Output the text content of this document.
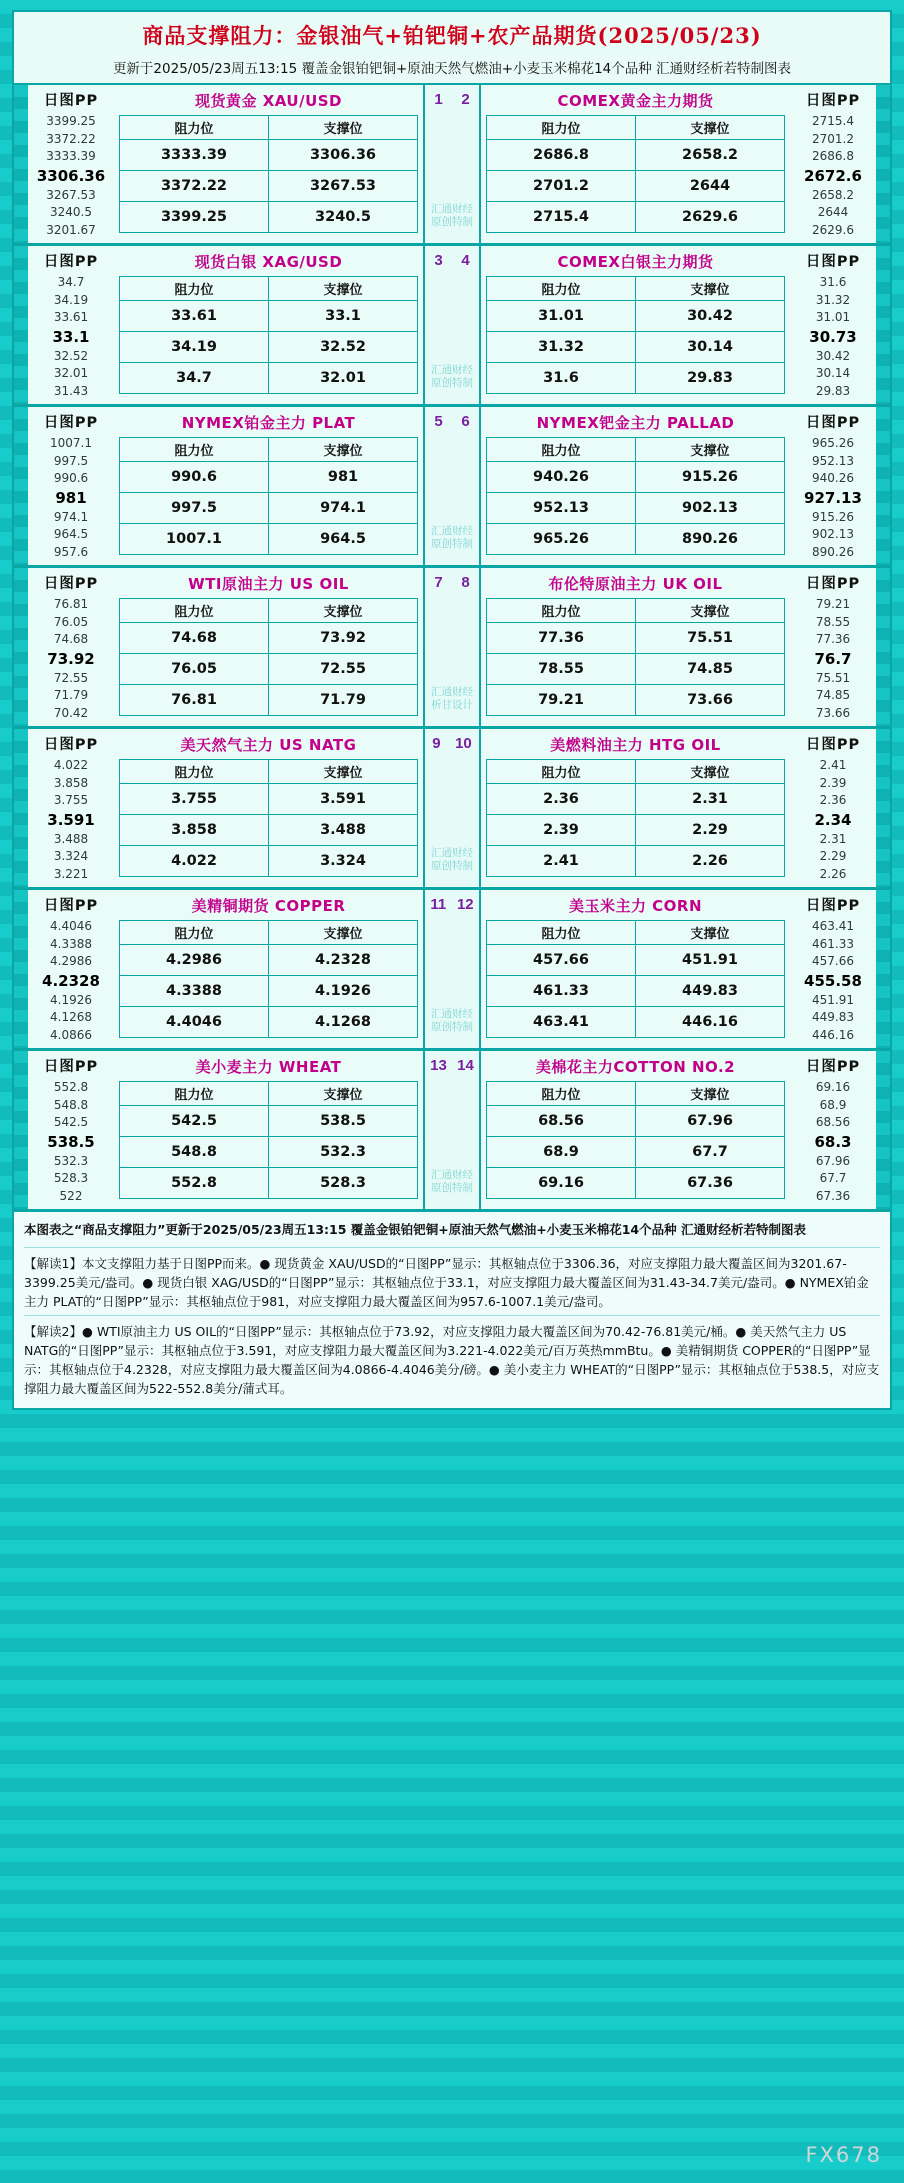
商品支撑阻力：金银油气+铂钯铜+农产品期货(2025/05/23)
更新于2025/05/23周五13:15 覆盖金银铂钯铜+原油天然气燃油+小麦玉米棉花14个品种 汇通财经析若特制图表
日图PP
3399.25
3372.22
3333.39
3306.36
3267.53
3240.5
3201.67
现货黄金 XAU/USD
阻力位	支撑位
3333.39	3306.36
3372.22	3267.53
3399.25	3240.5
1 2
汇通财经
原创特制
COMEX黄金主力期货
阻力位	支撑位
2686.8	2658.2
2701.2	2644
2715.4	2629.6
日图PP
2715.4
2701.2
2686.8
2672.6
2658.2
2644
2629.6
日图PP
34.7
34.19
33.61
33.1
32.52
32.01
31.43
现货白银 XAG/USD
阻力位	支撑位
33.61	33.1
34.19	32.52
34.7	32.01
3 4
汇通财经
原创特制
COMEX白银主力期货
阻力位	支撑位
31.01	30.42
31.32	30.14
31.6	29.83
日图PP
31.6
31.32
31.01
30.73
30.42
30.14
29.83
日图PP
1007.1
997.5
990.6
981
974.1
964.5
957.6
NYMEX铂金主力 PLAT
阻力位	支撑位
990.6	981
997.5	974.1
1007.1	964.5
5 6
汇通财经
原创特制
NYMEX钯金主力 PALLAD
阻力位	支撑位
940.26	915.26
952.13	902.13
965.26	890.26
日图PP
965.26
952.13
940.26
927.13
915.26
902.13
890.26
日图PP
76.81
76.05
74.68
73.92
72.55
71.79
70.42
WTI原油主力 US OIL
阻力位	支撑位
74.68	73.92
76.05	72.55
76.81	71.79
7 8
汇通财经
析甘设计
布伦特原油主力 UK OIL
阻力位	支撑位
77.36	75.51
78.55	74.85
79.21	73.66
日图PP
79.21
78.55
77.36
76.7
75.51
74.85
73.66
日图PP
4.022
3.858
3.755
3.591
3.488
3.324
3.221
美天然气主力 US NATG
阻力位	支撑位
3.755	3.591
3.858	3.488
4.022	3.324
9 10
汇通财经
原创特制
美燃料油主力 HTG OIL
阻力位	支撑位
2.36	2.31
2.39	2.29
2.41	2.26
日图PP
2.41
2.39
2.36
2.34
2.31
2.29
2.26
日图PP
4.4046
4.3388
4.2986
4.2328
4.1926
4.1268
4.0866
美精铜期货 COPPER
阻力位	支撑位
4.2986	4.2328
4.3388	4.1926
4.4046	4.1268
11 12
汇通财经
原创特制
美玉米主力 CORN
阻力位	支撑位
457.66	451.91
461.33	449.83
463.41	446.16
日图PP
463.41
461.33
457.66
455.58
451.91
449.83
446.16
日图PP
552.8
548.8
542.5
538.5
532.3
528.3
522
美小麦主力 WHEAT
阻力位	支撑位
542.5	538.5
548.8	532.3
552.8	528.3
13 14
汇通财经
原创特制
美棉花主力COTTON NO.2
阻力位	支撑位
68.56	67.96
68.9	67.7
69.16	67.36
日图PP
69.16
68.9
68.56
68.3
67.96
67.7
67.36
本图表之“商品支撑阻力”更新于2025/05/23周五13:15 覆盖金银铂钯铜+原油天然气燃油+小麦玉米棉花14个品种 汇通财经析若特制图表
【解读1】本文支撑阻力基于日图PP而来。● 现货黄金 XAU/USD的“日图PP”显示：其枢轴点位于3306.36，对应支撑阻力最大覆盖区间为3201.67-3399.25美元/盎司。● 现货白银 XAG/USD的“日图PP”显示：其枢轴点位于33.1，对应支撑阻力最大覆盖区间为31.43-34.7美元/盎司。● NYMEX铂金主力 PLAT的“日图PP”显示：其枢轴点位于981，对应支撑阻力最大覆盖区间为957.6-1007.1美元/盎司。
【解读2】● WTI原油主力 US OIL的“日图PP”显示：其枢轴点位于73.92，对应支撑阻力最大覆盖区间为70.42-76.81美元/桶。● 美天然气主力 US NATG的“日图PP”显示：其枢轴点位于3.591，对应支撑阻力最大覆盖区间为3.221-4.022美元/百万英热mmBtu。● 美精铜期货 COPPER的“日图PP”显示：其枢轴点位于4.2328，对应支撑阻力最大覆盖区间为4.0866-4.4046美分/磅。● 美小麦主力 WHEAT的“日图PP”显示：其枢轴点位于538.5，对应支撑阻力最大覆盖区间为522-552.8美分/蒲式耳。
FX678
